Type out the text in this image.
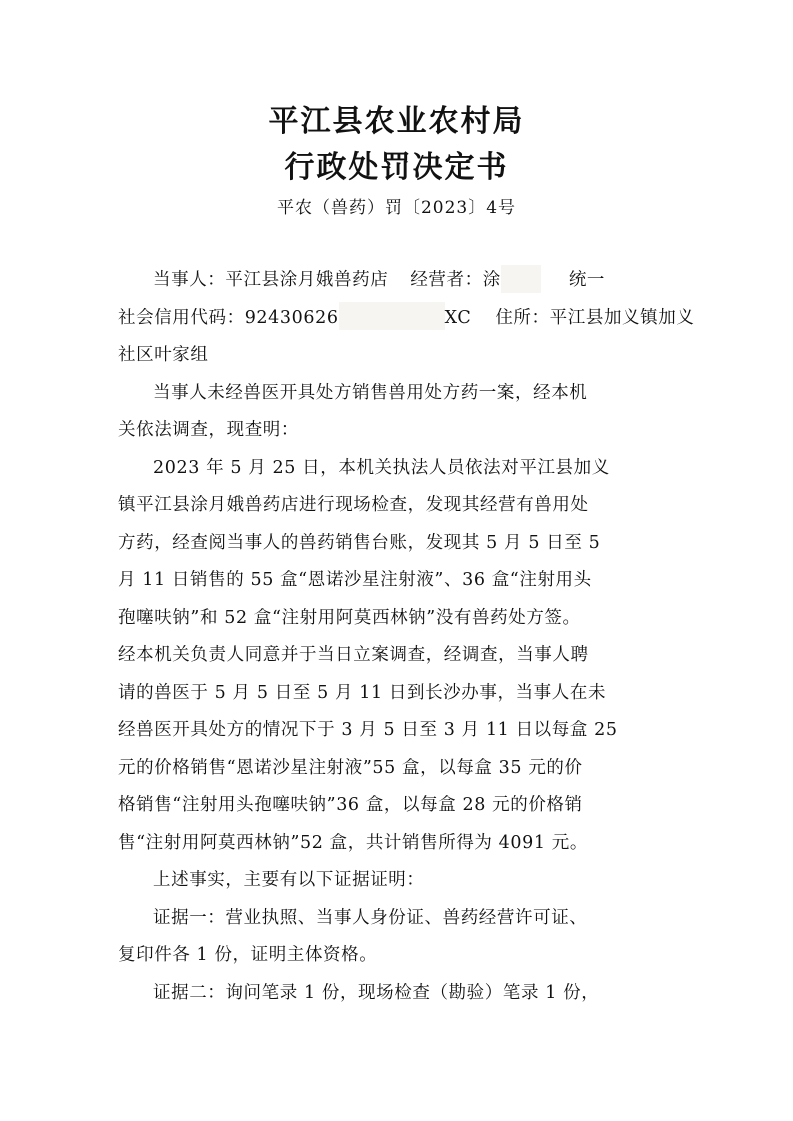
平江县农业农村局
行政处罚决定书
平农（兽药）罚〔2023〕4号
当事人：平江县涂月娥兽药店 经营者：涂	统一
社会信用代码：92430626	XC 住所：平江县加义镇加义
社区叶家组
当事人未经兽医开具处方销售兽用处方药一案，经本机
关依法调查，现查明：
2023 年 5 月 25 日，本机关执法人员依法对平江县加义
镇平江县涂月娥兽药店进行现场检查，发现其经营有兽用处
方药，经查阅当事人的兽药销售台账，发现其 5 月 5 日至 5
月 11 日销售的 55 盒“恩诺沙星注射液”、36 盒“注射用头
孢噻呋钠”和 52 盒“注射用阿莫西林钠”没有兽药处方签。
经本机关负责人同意并于当日立案调查，经调查，当事人聘
请的兽医于 5 月 5 日至 5 月 11 日到长沙办事，当事人在未
经兽医开具处方的情况下于 3 月 5 日至 3 月 11 日以每盒 25
元的价格销售“恩诺沙星注射液”55 盒，以每盒 35 元的价
格销售“注射用头孢噻呋钠”36 盒，以每盒 28 元的价格销
售“注射用阿莫西林钠”52 盒，共计销售所得为 4091 元。
上述事实，主要有以下证据证明：
证据一：营业执照、当事人身份证、兽药经营许可证、
复印件各 1 份，证明主体资格。
证据二：询问笔录 1 份，现场检查（勘验）笔录 1 份，
